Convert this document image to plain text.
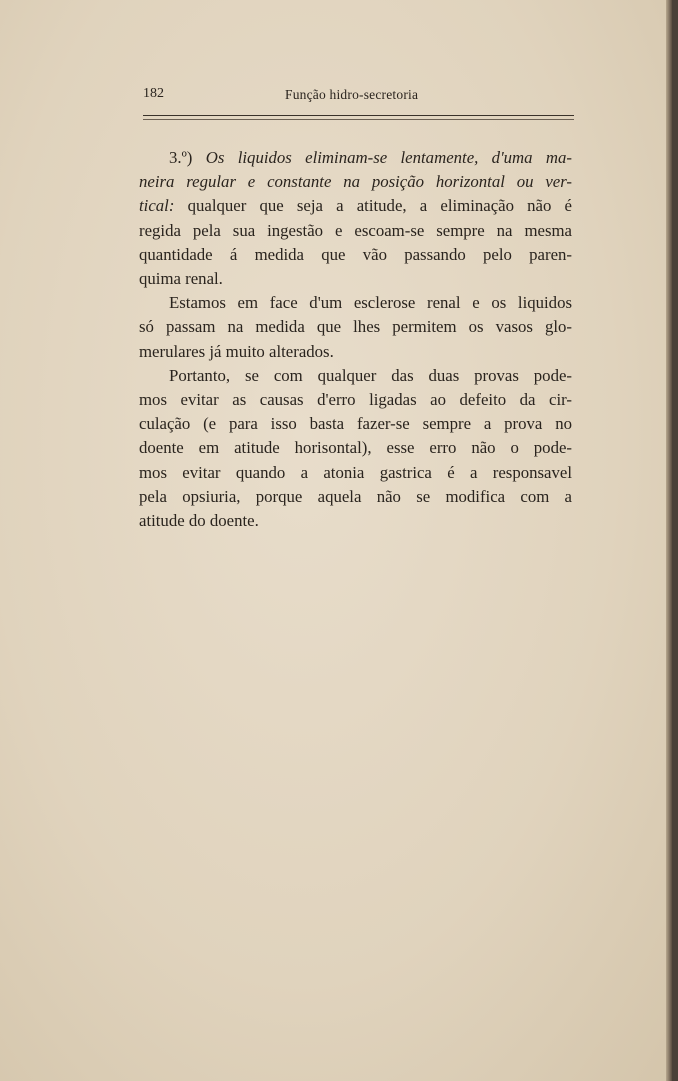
182	Função hidro-secretoria
3.º) Os liquidos eliminam-se lentamente, d'uma ma-
neira regular e constante na posição horizontal ou ver-
tical: qualquer que seja a atitude, a eliminação não é
regida pela sua ingestão e escoam-se sempre na mesma
quantidade á medida que vão passando pelo paren-
quima renal.
Estamos em face d'um esclerose renal e os liquidos
só passam na medida que lhes permitem os vasos glo-
merulares já muito alterados.
Portanto, se com qualquer das duas provas pode-
mos evitar as causas d'erro ligadas ao defeito da cir-
culação (e para isso basta fazer-se sempre a prova no
doente em atitude horisontal), esse erro não o pode-
mos evitar quando a atonia gastrica é a responsavel
pela opsiuria, porque aquela não se modifica com a
atitude do doente.
